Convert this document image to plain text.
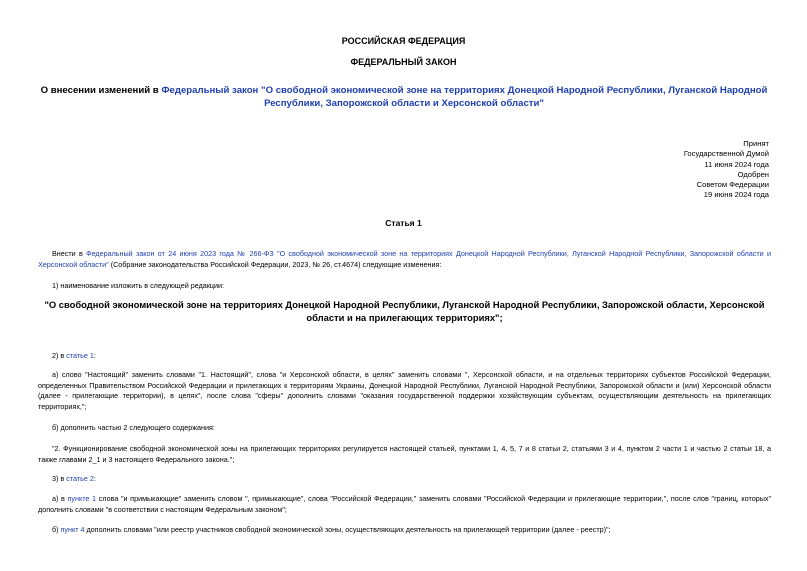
РОССИЙСКАЯ ФЕДЕРАЦИЯ
ФЕДЕРАЛЬНЫЙ ЗАКОН
О внесении изменений в Федеральный закон "О свободной экономической зоне на территориях Донецкой Народной Республики, Луганской Народной Республики, Запорожской области и Херсонской области"
Принят
Государственной Думой
11 июня 2024 года
Одобрен
Советом Федерации
19 июня 2024 года
Статья 1
Внести в Федеральный закон от 24 июня 2023 года № 266-ФЗ "О свободной экономической зоне на территориях Донецкой Народной Республики, Луганской Народной Республики, Запорожской области и Херсонской области" (Собрание законодательства Российской Федерации, 2023, № 26, ст.4674) следующие изменения:
1) наименование изложить в следующей редакции:
"О свободной экономической зоне на территориях Донецкой Народной Республики, Луганской Народной Республики, Запорожской области, Херсонской области и на прилегающих территориях";
2) в статье 1:
а) слово "Настоящий" заменить словами "1. Настоящий", слова "и Херсонской области, в целях" заменить словами ", Херсонской области, и на отдельных территориях субъектов Российской Федерации, определенных Правительством Российской Федерации и прилегающих к территориям Украины, Донецкой Народной Республики, Луганской Народной Республики, Запорожской области и (или) Херсонской области (далее - прилегающие территории), в целях", после слова "сферы" дополнить словами "оказания государственной поддержки хозяйствующим субъектам, осуществляющим деятельность на прилегающих территориях,";
б) дополнить частью 2 следующего содержания:
"2. Функционирование свободной экономической зоны на прилегающих территориях регулируется настоящей статьей, пунктами 1, 4, 5, 7 и 8 статьи 2, статьями 3 и 4, пунктом 2 части 1 и частью 2 статьи 18, а также главами 2_1 и 3 настоящего Федерального закона.";
3) в статье 2:
а) в пункте 1 слова "и примыкающие" заменить словом ", примыкающие", слова "Российской Федерации," заменить словами "Российской Федерации и прилегающие территории,", после слов "границ, которых" дополнить словами "в соответствии с настоящим Федеральным законом";
б) пункт 4 дополнить словами "или реестр участников свободной экономической зоны, осуществляющих деятельность на прилегающей территории (далее - реестр)";
